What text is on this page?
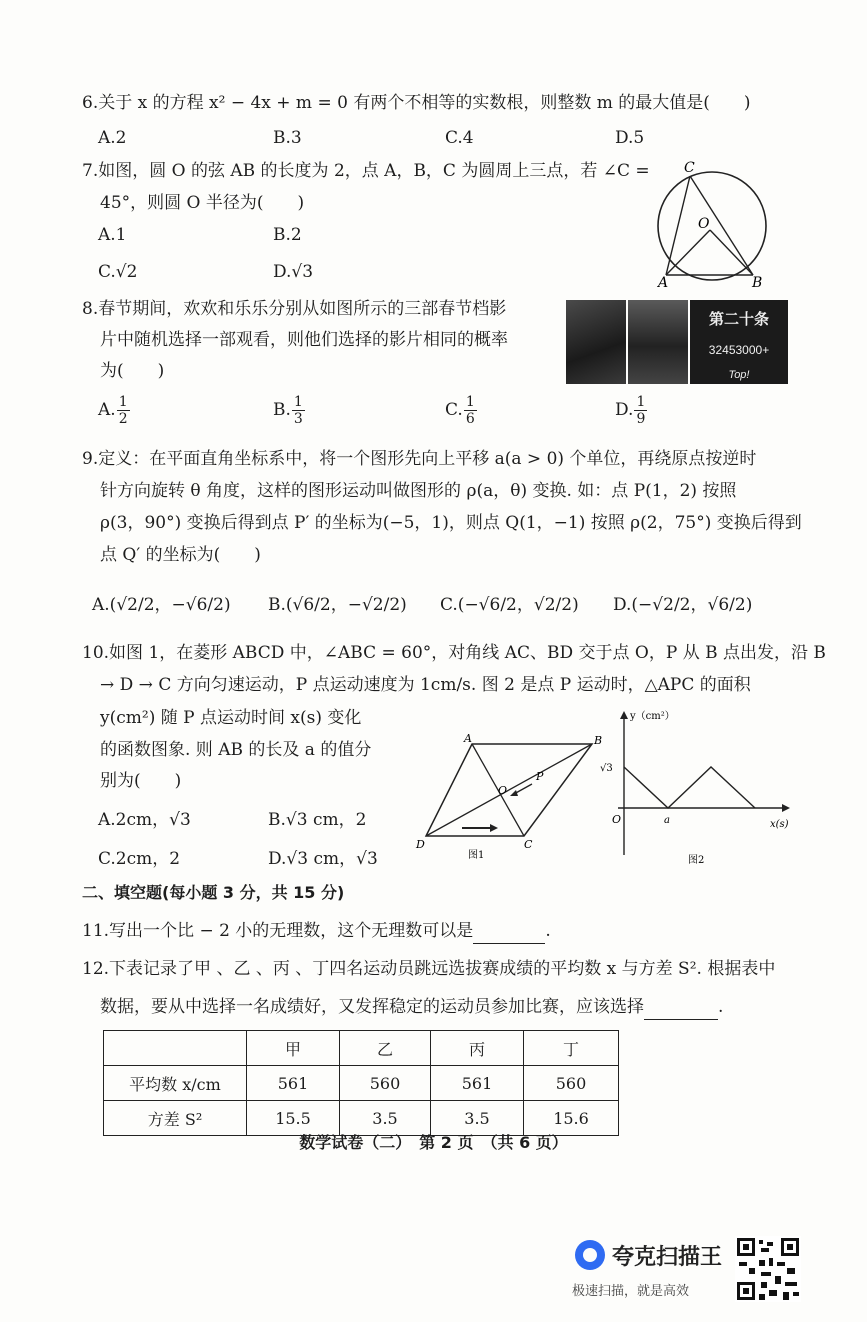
6.关于 x 的方程 x² − 4x + m = 0 有两个不相等的实数根，则整数 m 的最大值是(　　)
A.2	B.3	C.4	D.5
7.如图，圆 O 的弦 AB 的长度为 2，点 A，B，C 为圆周上三点，若 ∠C =
45°，则圆 O 半径为(　　)
A.1	B.2
C.√2	D.√3
C
O
A	B
8.春节期间，欢欢和乐乐分别从如图所示的三部春节档影
片中随机选择一部观看，则他们选择的影片相同的概率
为(　　)
第二十条
32453000+
Top!
A. $\frac{1}{2}$	B. $\frac{1}{3}$	C. $\frac{1}{6}$	D. $\frac{1}{9}$
9.定义：在平面直角坐标系中，将一个图形先向上平移 a(a > 0) 个单位，再绕原点按逆时
针方向旋转 θ 角度，这样的图形运动叫做图形的 ρ(a，θ) 变换. 如：点 P(1，2) 按照
ρ(3，90°) 变换后得到点 P′ 的坐标为(−5，1)，则点 Q(1，−1) 按照 ρ(2，75°) 变换后得到
点 Q′ 的坐标为(　　)
A.(√2/2，−√6/2) B.(√6/2，−√2/2) C.(−√6/2，√2/2) D.(−√2/2，√6/2)
10.如图 1，在菱形 ABCD 中，∠ABC = 60°，对角线 AC、BD 交于点 O，P 从 B 点出发，沿 B
→ D → C 方向匀速运动，P 点运动速度为 1cm/s. 图 2 是点 P 运动时，△APC 的面积
y(cm²) 随 P 点运动时间 x(s) 变化
的函数图象. 则 AB 的长及 a 的值分
别为(　　)
A.2cm，√3	B.√3 cm，2
C.2cm，2	D.√3 cm，√3
A	B
C
D
O
P
图1
y（cm²）
x(s)
O	a
√3
图2
二、填空题(每小题 3 分，共 15 分)
11.写出一个比 − 2 小的无理数，这个无理数可以是	.
12.下表记录了甲 、乙 、丙 、丁四名运动员跳远选拔赛成绩的平均数 x 与方差 S². 根据表中
数据，要从中选择一名成绩好，又发挥稳定的运动员参加比赛，应该选择	.
	甲	乙	丙	丁
平均数 x/cm	561	560	561	560
方差 S²	15.5	3.5	3.5	15.6
数学试卷（二）　第 2 页　（共 6 页）
夸克扫描王
极速扫描，就是高效
